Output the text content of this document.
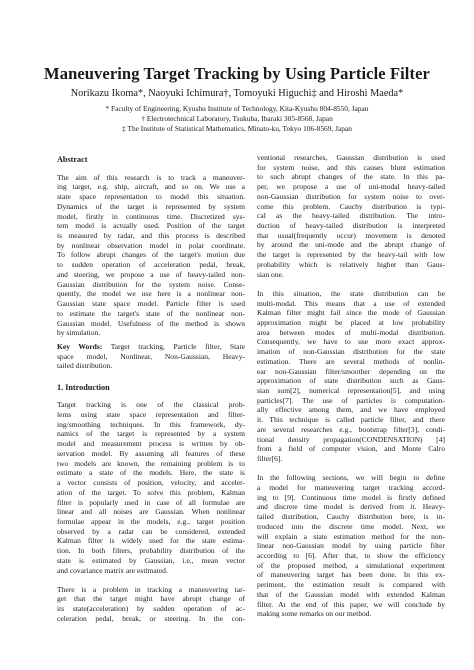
Maneuvering Target Tracking by Using Particle Filter
Norikazu Ikoma*, Naoyuki Ichimura†, Tomoyuki Higuchi‡ and Hiroshi Maeda*
* Faculty of Engineering, Kyushu Institute of Technology, Kita-Kyushu 804-8550, Japan
† Electrotechnical Laboratory, Tsukuba, Ibaraki 305-8568, Japan
‡ The Institute of Statistical Mathematics, Minato-ku, Tokyo 106-8569, Japan
Abstract
The aim of this research is to track a maneuver-
ing target, e.g. ship, aircraft, and so on. We use a
state space representation to model this situation.
Dynamics of the target is represented by system
model, firstly in continuous time. Discretized sys-
tem model is actually used. Position of the target
is measured by radar, and this process is described
by nonlinear observation model in polar coordinate.
To follow abrupt changes of the target's motion due
to sudden operation of acceleration pedal, break,
and steering, we propose a use of heavy-tailed non-
Gaussian distribution for the system noise. Conse-
quently, the model we use here is a nonlinear non-
Gaussian state space model. Particle filter is used
to estimate the target's state of the nonlinear non-
Gaussian model. Usefulness of the method is shown
by simulation.
Key Words: Target tracking, Particle filter, State
space model, Nonlinear, Non-Gaussian, Heavy-
tailed distribution.
1. Introduction
Target tracking is one of the classical prob-
lems using state space representation and filter-
ing/smoothing techniques. In this framework, dy-
namics of the target is represented by a system
model and measurement process is written by ob-
servation model. By assuming all features of these
two models are known, the remaining problem is to
estimate a state of the models. Here, the state is
a vector consists of position, velocity, and acceler-
ation of the target. To solve this problem, Kalman
filter is popularly used in case of all formulae are
linear and all noises are Gaussian. When nonlinear
formulae appear in the models, e.g., target position
observed by a radar can be considered, extended
Kalman filter is widely used for the state estima-
tion. In both filters, probability distribution of the
state is estimated by Gaussian, i.e., mean vector
and covariance matrix are estimated.
There is a problem in tracking a maneuvering tar-
get that the target might have abrupt change of
its state(acceleration) by sudden operation of ac-
celeration pedal, break, or steering. In the con-
ventional researches, Gaussian distribution is used
for system noise, and this causes blunt estimation
to such abrupt changes of the state. In this pa-
per, we propose a use of uni-modal heavy-tailed
non-Gaussian distribution for system noise to over-
come this problem. Cauchy distribution is typi-
cal as the heavy-tailed distribution. The intro-
duction of heavy-tailed distribution is interpreted
that usual(frequently occur) movement is denoted
by around the uni-mode and the abrupt change of
the target is represented by the heavy-tail with low
probability which is relatively higher than Gaus-
sian one.
In this situation, the state distribution can be
multi-modal. This means that a use of extended
Kalman filter might fail since the mode of Gaussian
approximation might be placed at low probability
area between modes of multi-modal distribution.
Consequently, we have to use more exact approx-
imation of non-Gaussian distribution for the state
estimation. There are several methods of nonlin-
ear non-Gaussian filter/smoother depending on the
approximation of state distribution such as Gaus-
sian sum[2], numerical representation[5], and using
particles[7]. The use of particles is computation-
ally effective among them, and we have employed
it. This technique is called particle filter, and there
are several researches e.g., bootstrap filter[3], condi-
tional density propagation(CONDENSATION) [4]
from a field of computer vision, and Monte Calro
filter[6].
In the following sections, we will begin to define
a model for maneuvering target tracking accord-
ing to [9]. Continuous time model is firstly defined
and discrete time model is derived from it. Heavy-
tailed distribution, Cauchy distribution here, is in-
troduced into the discrete time model. Next, we
will explain a state estimation method for the non-
linear non-Gaussian model by using particle filter
according to [6]. After that, to show the efficiency
of the proposed method, a simulational experiment
of maneuvering target has been done. In this ex-
periment, the estimation result is compared with
that of the Gaussian model with extended Kalman
filter. At the end of this paper, we will conclude by
making some remarks on our method.
